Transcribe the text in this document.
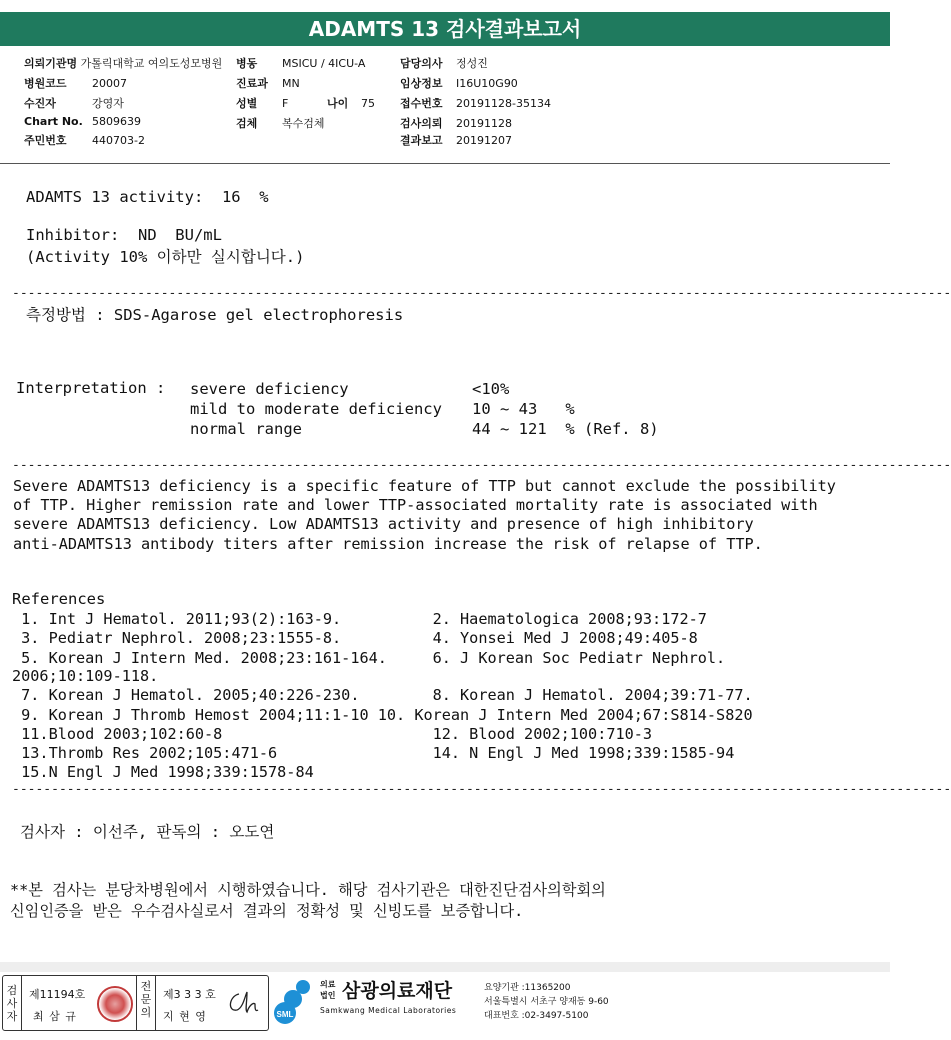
ADAMTS 13 검사결과보고서
의뢰기관명 가톨릭대학교 여의도성모병원
병원코드 20007
수진자	강영자
Chart No. 5809639
주민번호 440703-2
병동 MSICU / 4ICU-A
진료과 MN
성별 F	나이 75
검체 복수검체
담당의사 정성진
임상정보 I16U10G90
접수번호 20191128-35134
검사의뢰 20191128
결과보고 20191207
ADAMTS 13 activity:  16  %
Inhibitor:  ND  BU/mL
(Activity 10% 이하만 실시합니다.)
------------------------------------------------------------------------------------------------------------------------
측정방법 : SDS-Agarose gel electrophoresis
Interpretation : severe deficiency	<10%
mild to moderate deficiency 10 ~ 43   %
normal range	44 ~ 121  % (Ref. 8)
------------------------------------------------------------------------------------------------------------------------
Severe ADAMTS13 deficiency is a specific feature of TTP but cannot exclude the possibility
of TTP. Higher remission rate and lower TTP-associated mortality rate is associated with
severe ADAMTS13 deficiency. Low ADAMTS13 activity and presence of high inhibitory
anti-ADAMTS13 antibody titers after remission increase the risk of relapse of TTP.
References
1. Int J Hematol. 2011;93(2):163-9.          2. Haematologica 2008;93:172-7
3. Pediatr Nephrol. 2008;23:1555-8.          4. Yonsei Med J 2008;49:405-8
5. Korean J Intern Med. 2008;23:161-164.     6. J Korean Soc Pediatr Nephrol.
2006;10:109-118.
7. Korean J Hematol. 2005;40:226-230.        8. Korean J Hematol. 2004;39:71-77.
9. Korean J Thromb Hemost 2004;11:1-10 10. Korean J Intern Med 2004;67:S814-S820
11.Blood 2003;102:60-8                       12. Blood 2002;100:710-3
13.Thromb Res 2002;105:471-6                 14. N Engl J Med 1998;339:1585-94
15.N Engl J Med 1998;339:1578-84
------------------------------------------------------------------------------------------------------------------------
검사자 : 이선주, 판독의 : 오도연
**본 검사는 분당차병원에서 시행하였습니다. 해당 검사기관은 대한진단검사의학회의
신임인증을 받은 우수검사실로서 결과의 정확성 및 신빙도를 보증합니다.
검사자
제11194호
최 삼 규
전문의
제3 3 3 호
지 현 영	SML
의료
법인 삼광의료재단
Samkwang Medical Laboratories
요양기관 :11365200
서울특별시 서초구 양재동 9-60
대표번호 :02-3497-5100
